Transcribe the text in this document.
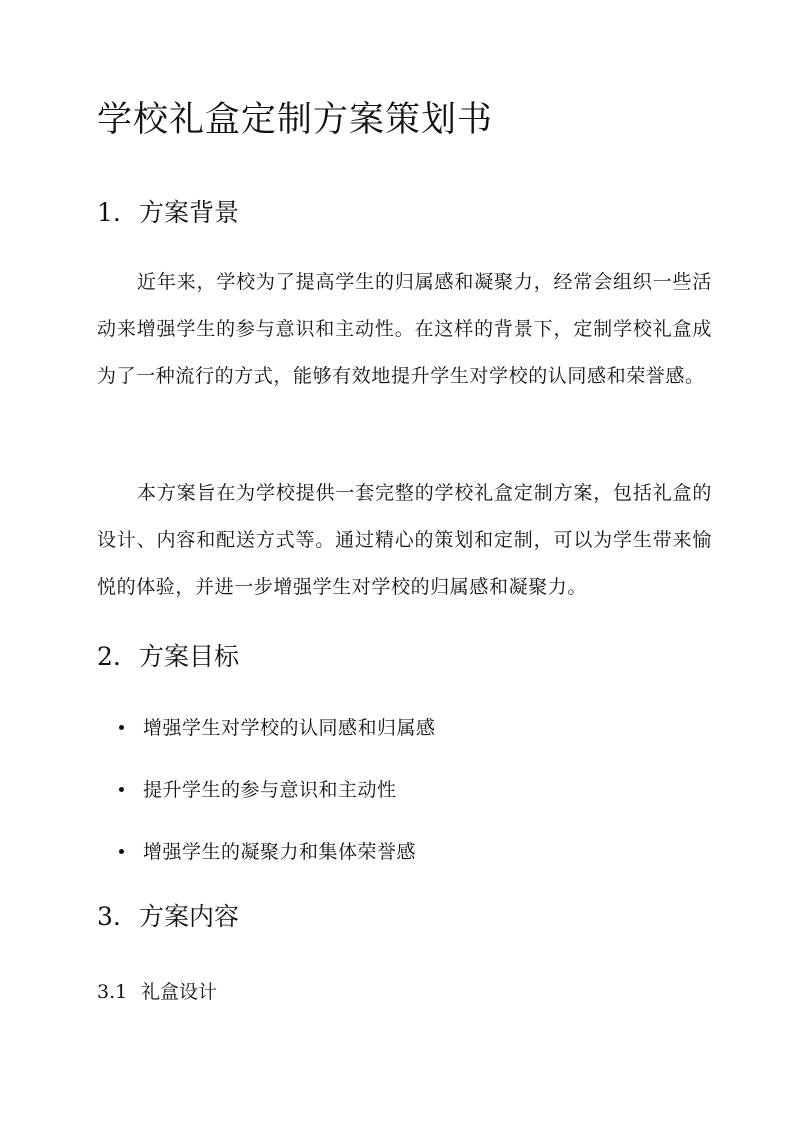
学校礼盒定制方案策划书
1. 方案背景

近年来，学校为了提高学生的归属感和凝聚力，经常会组织一些活动来增强学生的参与意识和主动性。在这样的背景下，定制学校礼盒成为了一种流行的方式，能够有效地提升学生对学校的认同感和荣誉感。

本方案旨在为学校提供一套完整的学校礼盒定制方案，包括礼盒的设计、内容和配送方式等。通过精心的策划和定制，可以为学生带来愉悦的体验，并进一步增强学生对学校的归属感和凝聚力。

2. 方案目标
增强学生对学校的认同感和归属感
提升学生的参与意识和主动性
增强学生的凝聚力和集体荣誉感
3. 方案内容
3.1 礼盒设计
